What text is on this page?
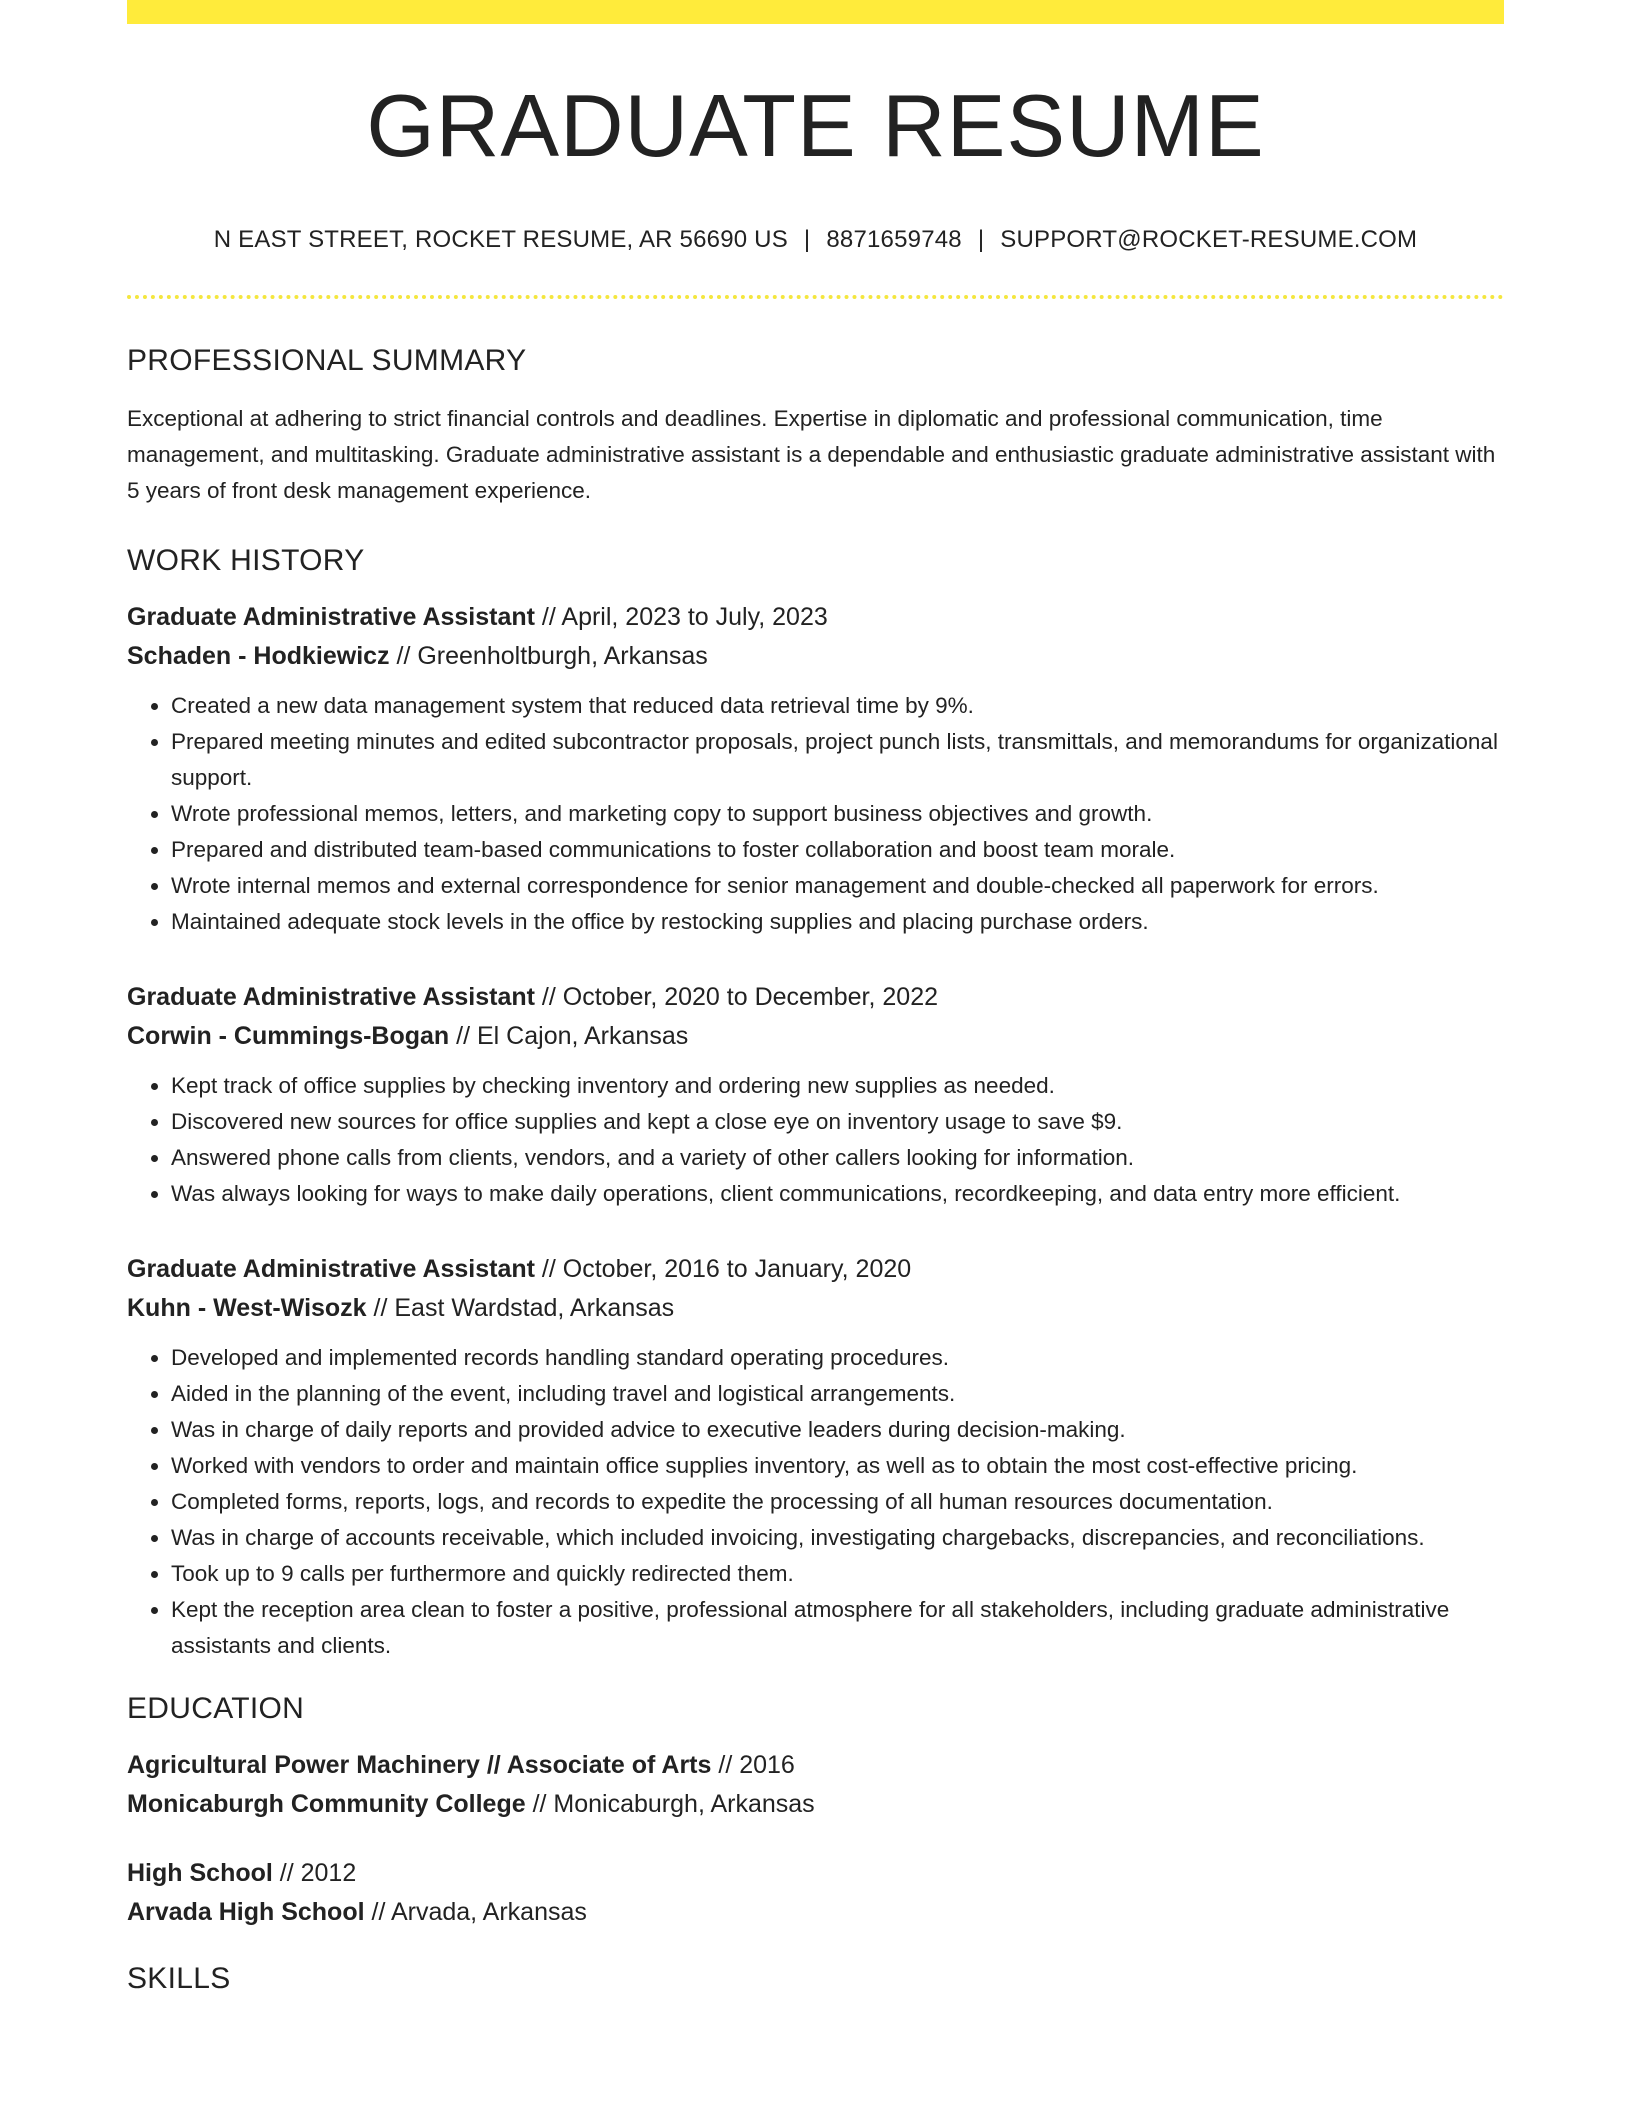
GRADUATE RESUME
N EAST STREET, ROCKET RESUME, AR 56690 US | 8871659748 | SUPPORT@ROCKET-RESUME.COM
PROFESSIONAL SUMMARY
Exceptional at adhering to strict financial controls and deadlines. Expertise in diplomatic and professional communication, time management, and multitasking. Graduate administrative assistant is a dependable and enthusiastic graduate administrative assistant with 5 years of front desk management experience.
WORK HISTORY
Graduate Administrative Assistant // April, 2023 to July, 2023
Schaden - Hodkiewicz // Greenholtburgh, Arkansas
• Created a new data management system that reduced data retrieval time by 9%.
• Prepared meeting minutes and edited subcontractor proposals, project punch lists, transmittals, and memorandums for organizational support.
• Wrote professional memos, letters, and marketing copy to support business objectives and growth.
• Prepared and distributed team-based communications to foster collaboration and boost team morale.
• Wrote internal memos and external correspondence for senior management and double-checked all paperwork for errors.
• Maintained adequate stock levels in the office by restocking supplies and placing purchase orders.
Graduate Administrative Assistant // October, 2020 to December, 2022
Corwin - Cummings-Bogan // El Cajon, Arkansas
• Kept track of office supplies by checking inventory and ordering new supplies as needed.
• Discovered new sources for office supplies and kept a close eye on inventory usage to save $9.
• Answered phone calls from clients, vendors, and a variety of other callers looking for information.
• Was always looking for ways to make daily operations, client communications, recordkeeping, and data entry more efficient.
Graduate Administrative Assistant // October, 2016 to January, 2020
Kuhn - West-Wisozk // East Wardstad, Arkansas
• Developed and implemented records handling standard operating procedures.
• Aided in the planning of the event, including travel and logistical arrangements.
• Was in charge of daily reports and provided advice to executive leaders during decision-making.
• Worked with vendors to order and maintain office supplies inventory, as well as to obtain the most cost-effective pricing.
• Completed forms, reports, logs, and records to expedite the processing of all human resources documentation.
• Was in charge of accounts receivable, which included invoicing, investigating chargebacks, discrepancies, and reconciliations.
• Took up to 9 calls per furthermore and quickly redirected them.
• Kept the reception area clean to foster a positive, professional atmosphere for all stakeholders, including graduate administrative assistants and clients.
EDUCATION
Agricultural Power Machinery // Associate of Arts // 2016
Monicaburgh Community College // Monicaburgh, Arkansas
High School // 2012
Arvada High School // Arvada, Arkansas
SKILLS
